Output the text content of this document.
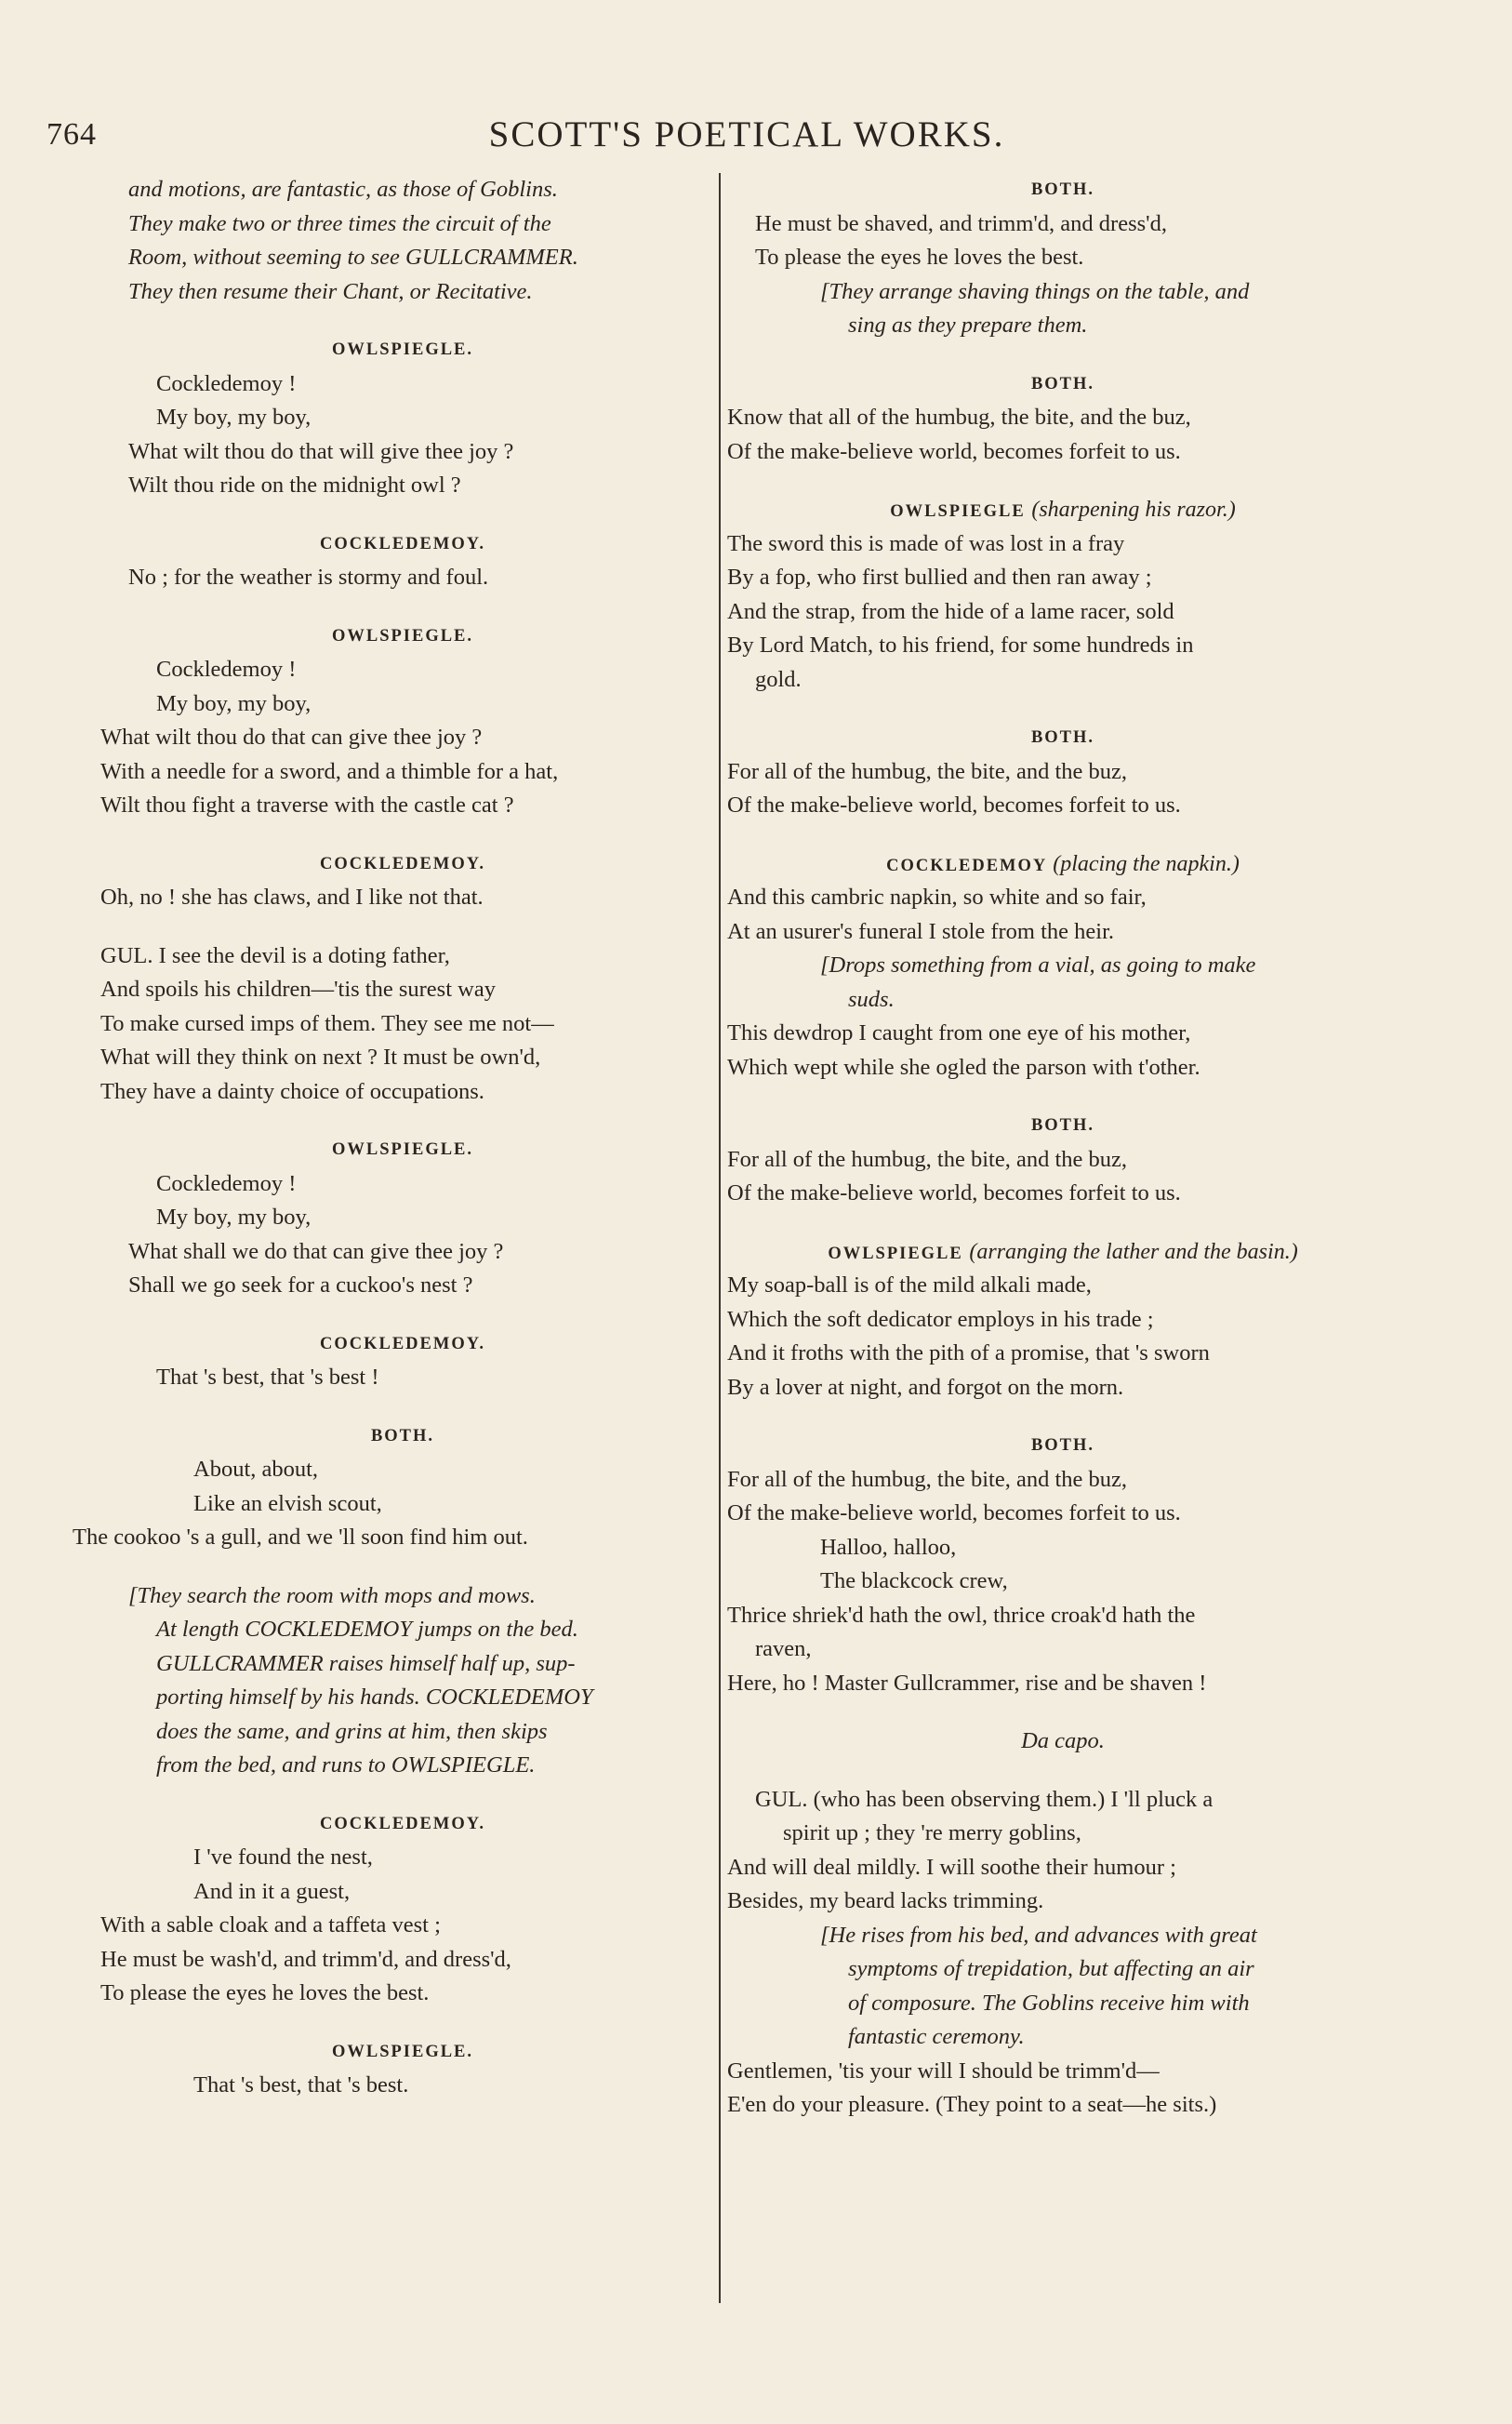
764	SCOTT'S POETICAL WORKS.
and motions, are fantastic, as those of Goblins.
They make two or three times the circuit of the
Room, without seeming to see GULLCRAMMER.
They then resume their Chant, or Recitative.
OWLSPIEGLE.
Cockledemoy !
My boy, my boy,
What wilt thou do that will give thee joy ?
Wilt thou ride on the midnight owl ?
COCKLEDEMOY.
No ; for the weather is stormy and foul.
OWLSPIEGLE.
Cockledemoy !
My boy, my boy,
What wilt thou do that can give thee joy ?
With a needle for a sword, and a thimble for a hat,
Wilt thou fight a traverse with the castle cat ?
COCKLEDEMOY.
Oh, no ! she has claws, and I like not that.
GUL. I see the devil is a doting father,
And spoils his children—'tis the surest way
To make cursed imps of them. They see me not—
What will they think on next ? It must be own'd,
They have a dainty choice of occupations.
OWLSPIEGLE.
Cockledemoy !
My boy, my boy,
What shall we do that can give thee joy ?
Shall we go seek for a cuckoo's nest ?
COCKLEDEMOY.
That 's best, that 's best !
BOTH.
About, about,
Like an elvish scout,
The cookoo 's a gull, and we 'll soon find him out.
[They search the room with mops and mows.
At length COCKLEDEMOY jumps on the bed.
GULLCRAMMER raises himself half up, sup-
porting himself by his hands. COCKLEDEMOY
does the same, and grins at him, then skips
from the bed, and runs to OWLSPIEGLE.
COCKLEDEMOY.
I 've found the nest,
And in it a guest,
With a sable cloak and a taffeta vest ;
He must be wash'd, and trimm'd, and dress'd,
To please the eyes he loves the best.
OWLSPIEGLE.
That 's best, that 's best.
BOTH.
He must be shaved, and trimm'd, and dress'd,
To please the eyes he loves the best.
[They arrange shaving things on the table, and
sing as they prepare them.
BOTH.
Know that all of the humbug, the bite, and the buz,
Of the make-believe world, becomes forfeit to us.
OWLSPIEGLE (sharpening his razor.)
The sword this is made of was lost in a fray
By a fop, who first bullied and then ran away ;
And the strap, from the hide of a lame racer, sold
By Lord Match, to his friend, for some hundreds in
gold.
BOTH.
For all of the humbug, the bite, and the buz,
Of the make-believe world, becomes forfeit to us.
COCKLEDEMOY (placing the napkin.)
And this cambric napkin, so white and so fair,
At an usurer's funeral I stole from the heir.
[Drops something from a vial, as going to make
suds.
This dewdrop I caught from one eye of his mother,
Which wept while she ogled the parson with t'other.
BOTH.
For all of the humbug, the bite, and the buz,
Of the make-believe world, becomes forfeit to us.
OWLSPIEGLE (arranging the lather and the basin.)
My soap-ball is of the mild alkali made,
Which the soft dedicator employs in his trade ;
And it froths with the pith of a promise, that 's sworn
By a lover at night, and forgot on the morn.
BOTH.
For all of the humbug, the bite, and the buz,
Of the make-believe world, becomes forfeit to us.
Halloo, halloo,
The blackcock crew,
Thrice shriek'd hath the owl, thrice croak'd hath the
raven,
Here, ho ! Master Gullcrammer, rise and be shaven !
Da capo.
GUL. (who has been observing them.) I 'll pluck a
spirit up ; they 're merry goblins,
And will deal mildly. I will soothe their humour ;
Besides, my beard lacks trimming.
[He rises from his bed, and advances with great
symptoms of trepidation, but affecting an air
of composure. The Goblins receive him with
fantastic ceremony.
Gentlemen, 'tis your will I should be trimm'd—
E'en do your pleasure. (They point to a seat—he sits.)
